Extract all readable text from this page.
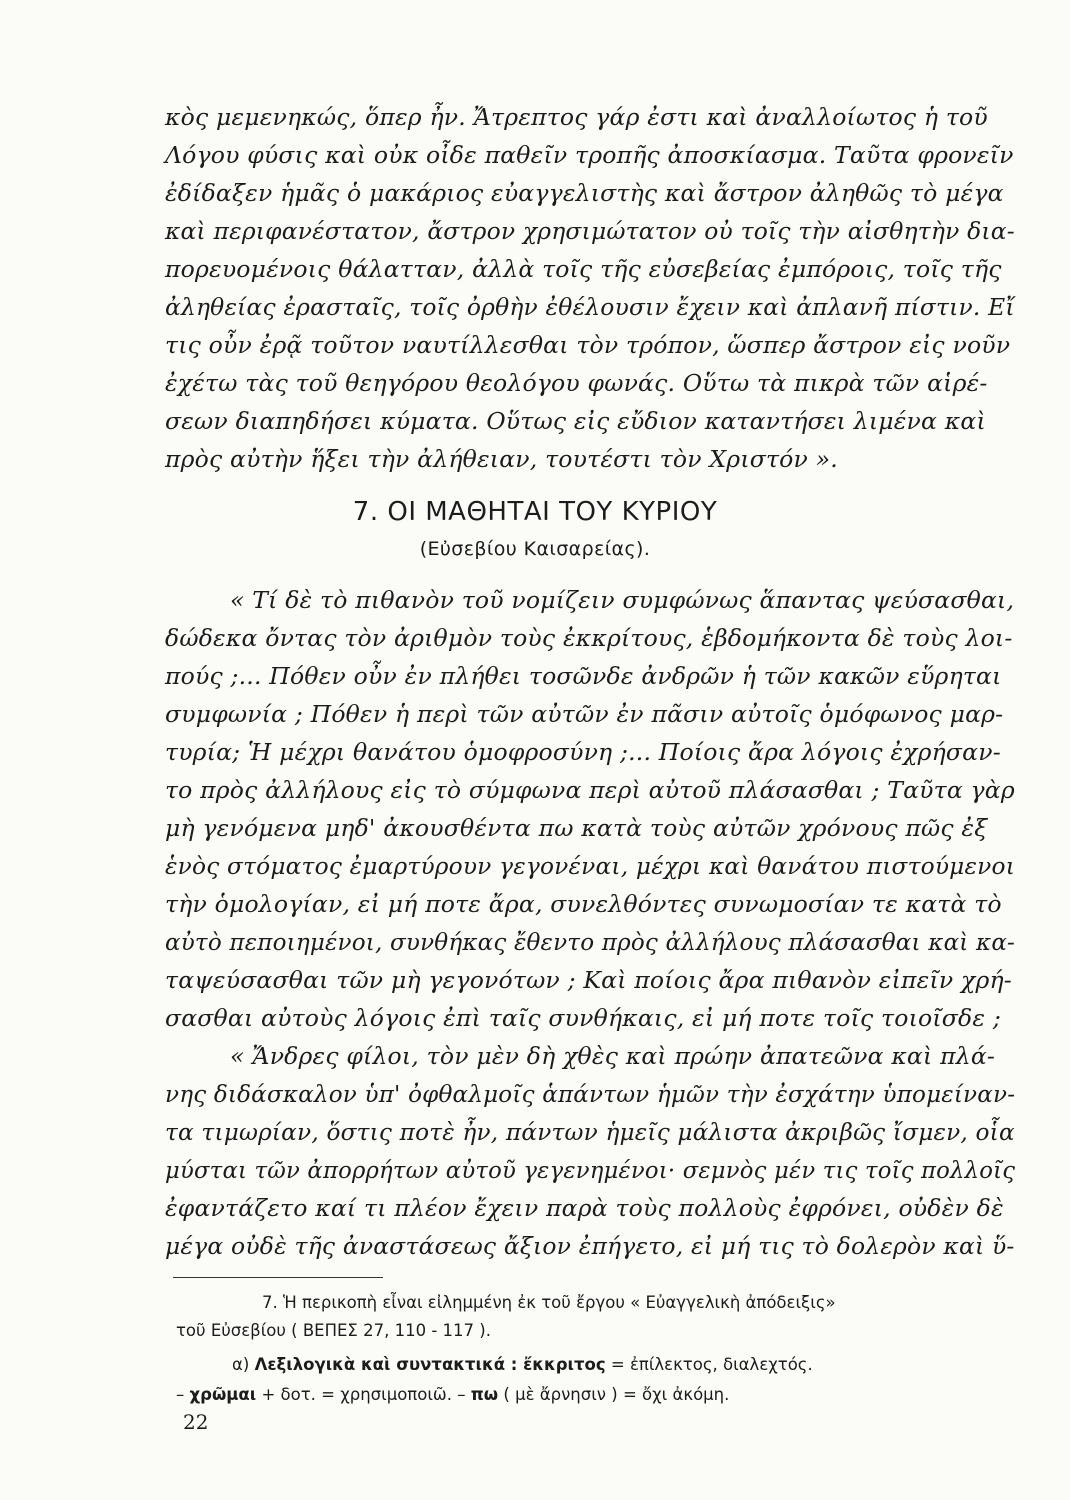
κὸς μεμενηκώς, ὅπερ ἦν. Ἄτρεπτος γάρ ἐστι καὶ ἀναλλοίωτος ἡ τοῦ
Λόγου φύσις καὶ οὐκ οἶδε παθεῖν τροπῆς ἀποσκίασμα. Ταῦτα φρονεῖν
ἐδίδαξεν ἡμᾶς ὁ μακάριος εὐαγγελιστὴς καὶ ἄστρον ἀληθῶς τὸ μέγα
καὶ περιφανέστατον, ἄστρον χρησιμώτατον οὐ τοῖς τὴν αἰσθητὴν δια-
πορευομένοις θάλατταν, ἀλλὰ τοῖς τῆς εὐσεβείας ἐμπόροις, τοῖς τῆς
ἀληθείας ἐρασταῖς, τοῖς ὀρθὴν ἐθέλουσιν ἔχειν καὶ ἀπλανῆ πίστιν. Εἴ
τις οὖν ἐρᾷ τοῦτον ναυτίλλεσθαι τὸν τρόπον, ὥσπερ ἄστρον εἰς νοῦν
ἐχέτω τὰς τοῦ θεηγόρου θεολόγου φωνάς. Οὕτω τὰ πικρὰ τῶν αἱρέ-
σεων διαπηδήσει κύματα. Οὕτως εἰς εὔδιον καταντήσει λιμένα καὶ
πρὸς αὐτὴν ἥξει τὴν ἀλήθειαν, τουτέστι τὸν Χριστόν ».
7. ΟΙ ΜΑΘΗΤΑΙ ΤΟΥ ΚΥΡΙΟΥ
(Εὐσεβίου Καισαρείας).
« Τί δὲ τὸ πιθανὸν τοῦ νομίζειν συμφώνως ἅπαντας ψεύσασθαι,
δώδεκα ὄντας τὸν ἀριθμὸν τοὺς ἐκκρίτους, ἑβδομήκοντα δὲ τοὺς λοι-
πούς ;... Πόθεν οὖν ἐν πλήθει τοσῶνδε ἀνδρῶν ἡ τῶν κακῶν εὕρηται
συμφωνία ; Πόθεν ἡ περὶ τῶν αὐτῶν ἐν πᾶσιν αὐτοῖς ὁμόφωνος μαρ-
τυρία; Ἡ μέχρι θανάτου ὁμοφροσύνη ;... Ποίοις ἄρα λόγοις ἐχρήσαν-
το πρὸς ἀλλήλους εἰς τὸ σύμφωνα περὶ αὐτοῦ πλάσασθαι ; Ταῦτα γὰρ
μὴ γενόμενα μηδ' ἀκουσθέντα πω κατὰ τοὺς αὐτῶν χρόνους πῶς ἐξ
ἑνὸς στόματος ἐμαρτύρουν γεγονέναι, μέχρι καὶ θανάτου πιστούμενοι
τὴν ὁμολογίαν, εἰ μή ποτε ἄρα, συνελθόντες συνωμοσίαν τε κατὰ τὸ
αὐτὸ πεποιημένοι, συνθήκας ἔθεντο πρὸς ἀλλήλους πλάσασθαι καὶ κα-
ταψεύσασθαι τῶν μὴ γεγονότων ; Καὶ ποίοις ἄρα πιθανὸν εἰπεῖν χρή-
σασθαι αὐτοὺς λόγοις ἐπὶ ταῖς συνθήκαις, εἰ μή ποτε τοῖς τοιοῖσδε ;
« Ἄνδρες φίλοι, τὸν μὲν δὴ χθὲς καὶ πρώην ἀπατεῶνα καὶ πλά-
νης διδάσκαλον ὑπ' ὀφθαλμοῖς ἁπάντων ἡμῶν τὴν ἐσχάτην ὑπομείναν-
τα τιμωρίαν, ὅστις ποτὲ ἦν, πάντων ἡμεῖς μάλιστα ἀκριβῶς ἴσμεν, οἷα
μύσται τῶν ἀπορρήτων αὐτοῦ γεγενημένοι· σεμνὸς μέν τις τοῖς πολλοῖς
ἐφαντάζετο καί τι πλέον ἔχειν παρὰ τοὺς πολλοὺς ἐφρόνει, οὐδὲν δὲ
μέγα οὐδὲ τῆς ἀναστάσεως ἄξιον ἐπήγετο, εἰ μή τις τὸ δολερὸν καὶ ὕ-
7. Ἡ περικοπὴ εἶναι εἰλημμένη ἐκ τοῦ ἔργου « Εὐαγγελικὴ ἀπόδειξις»
τοῦ Εὐσεβίου ( ΒΕΠΕΣ 27, 110 - 117 ).
α) Λεξιλογικὰ καὶ συντακτικά : ἔκκριτος = ἐπίλεκτος, διαλεχτός.
– χρῶμαι + δοτ. = χρησιμοποιῶ. – πω ( μὲ ἄρνησιν ) = ὄχι ἀκόμη.
22
